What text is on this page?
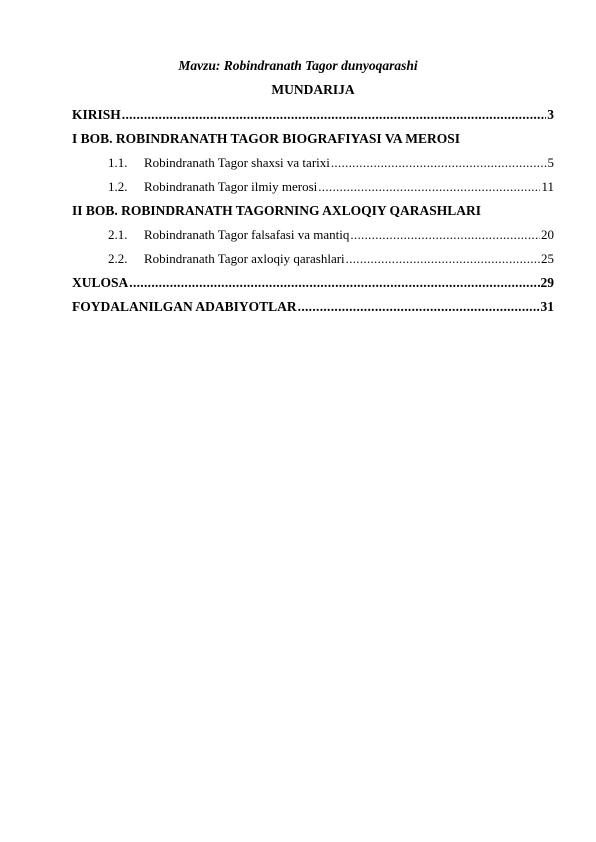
Mavzu: Robindranath Tagor dunyoqarashi
MUNDARIJA
KIRISH .....	3
I BOB. ROBINDRANATH TAGOR BIOGRAFIYASI VA MEROSI
1.1.	Robindranath Tagor shaxsi va tarixi .....	5
1.2.	Robindranath Tagor ilmiy merosi .....	11
II BOB. ROBINDRANATH TAGORNING AXLOQIY QARASHLARI
2.1.	Robindranath Tagor falsafasi va mantiq .....	20
2.2.	Robindranath Tagor axloqiy qarashlari .....	25
XULOSA .....	29
FOYDALANILGAN ADABIYOTLAR .....	31
